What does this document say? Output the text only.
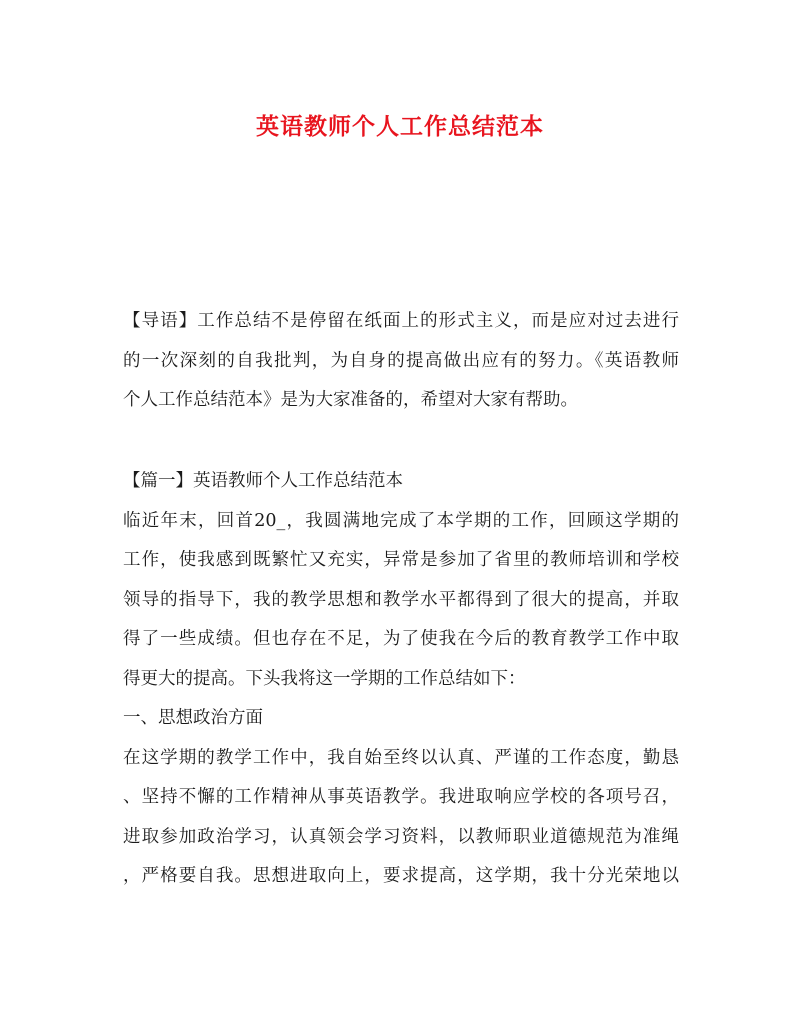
英语教师个人工作总结范本
【导语】工作总结不是停留在纸面上的形式主义，而是应对过去进行
的一次深刻的自我批判，为自身的提高做出应有的努力。《英语教师
个人工作总结范本》是为大家准备的，希望对大家有帮助。
【篇一】英语教师个人工作总结范本
临近年末，回首20_，我圆满地完成了本学期的工作，回顾这学期的
工作，使我感到既繁忙又充实，异常是参加了省里的教师培训和学校
领导的指导下，我的教学思想和教学水平都得到了很大的提高，并取
得了一些成绩。但也存在不足，为了使我在今后的教育教学工作中取
得更大的提高。下头我将这一学期的工作总结如下：
一、思想政治方面
在这学期的教学工作中，我自始至终以认真、严谨的工作态度，勤恳
、坚持不懈的工作精神从事英语教学。我进取响应学校的各项号召，
进取参加政治学习，认真领会学习资料，以教师职业道德规范为准绳
，严格要自我。思想进取向上，要求提高，这学期，我十分光荣地以
